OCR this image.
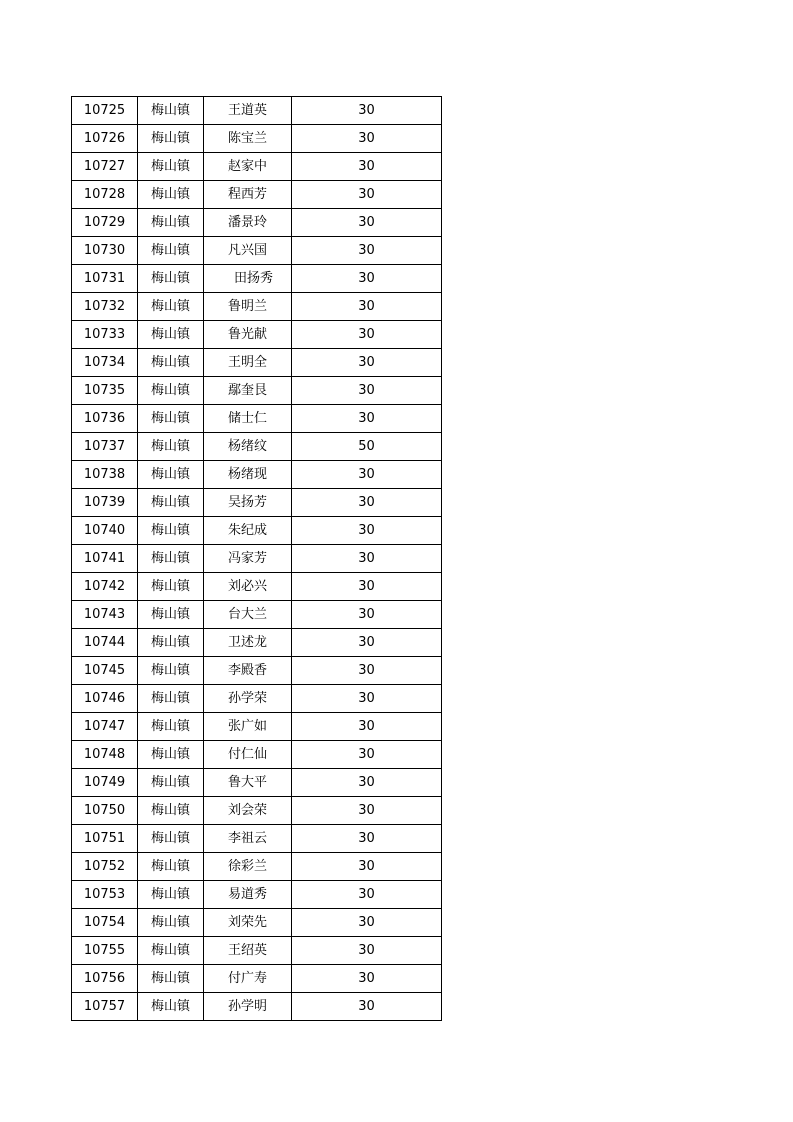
10725	梅山镇	王道英	30
10726	梅山镇	陈宝兰	30
10727	梅山镇	赵家中	30
10728	梅山镇	程西芳	30
10729	梅山镇	潘景玲	30
10730	梅山镇	凡兴国	30
10731	梅山镇	田扬秀	30
10732	梅山镇	鲁明兰	30
10733	梅山镇	鲁光献	30
10734	梅山镇	王明全	30
10735	梅山镇	鄢奎艮	30
10736	梅山镇	储士仁	30
10737	梅山镇	杨绪纹	50
10738	梅山镇	杨绪现	30
10739	梅山镇	吴扬芳	30
10740	梅山镇	朱纪成	30
10741	梅山镇	冯家芳	30
10742	梅山镇	刘必兴	30
10743	梅山镇	台大兰	30
10744	梅山镇	卫述龙	30
10745	梅山镇	李殿香	30
10746	梅山镇	孙学荣	30
10747	梅山镇	张广如	30
10748	梅山镇	付仁仙	30
10749	梅山镇	鲁大平	30
10750	梅山镇	刘会荣	30
10751	梅山镇	李祖云	30
10752	梅山镇	徐彩兰	30
10753	梅山镇	易道秀	30
10754	梅山镇	刘荣先	30
10755	梅山镇	王绍英	30
10756	梅山镇	付广寿	30
10757	梅山镇	孙学明	30
